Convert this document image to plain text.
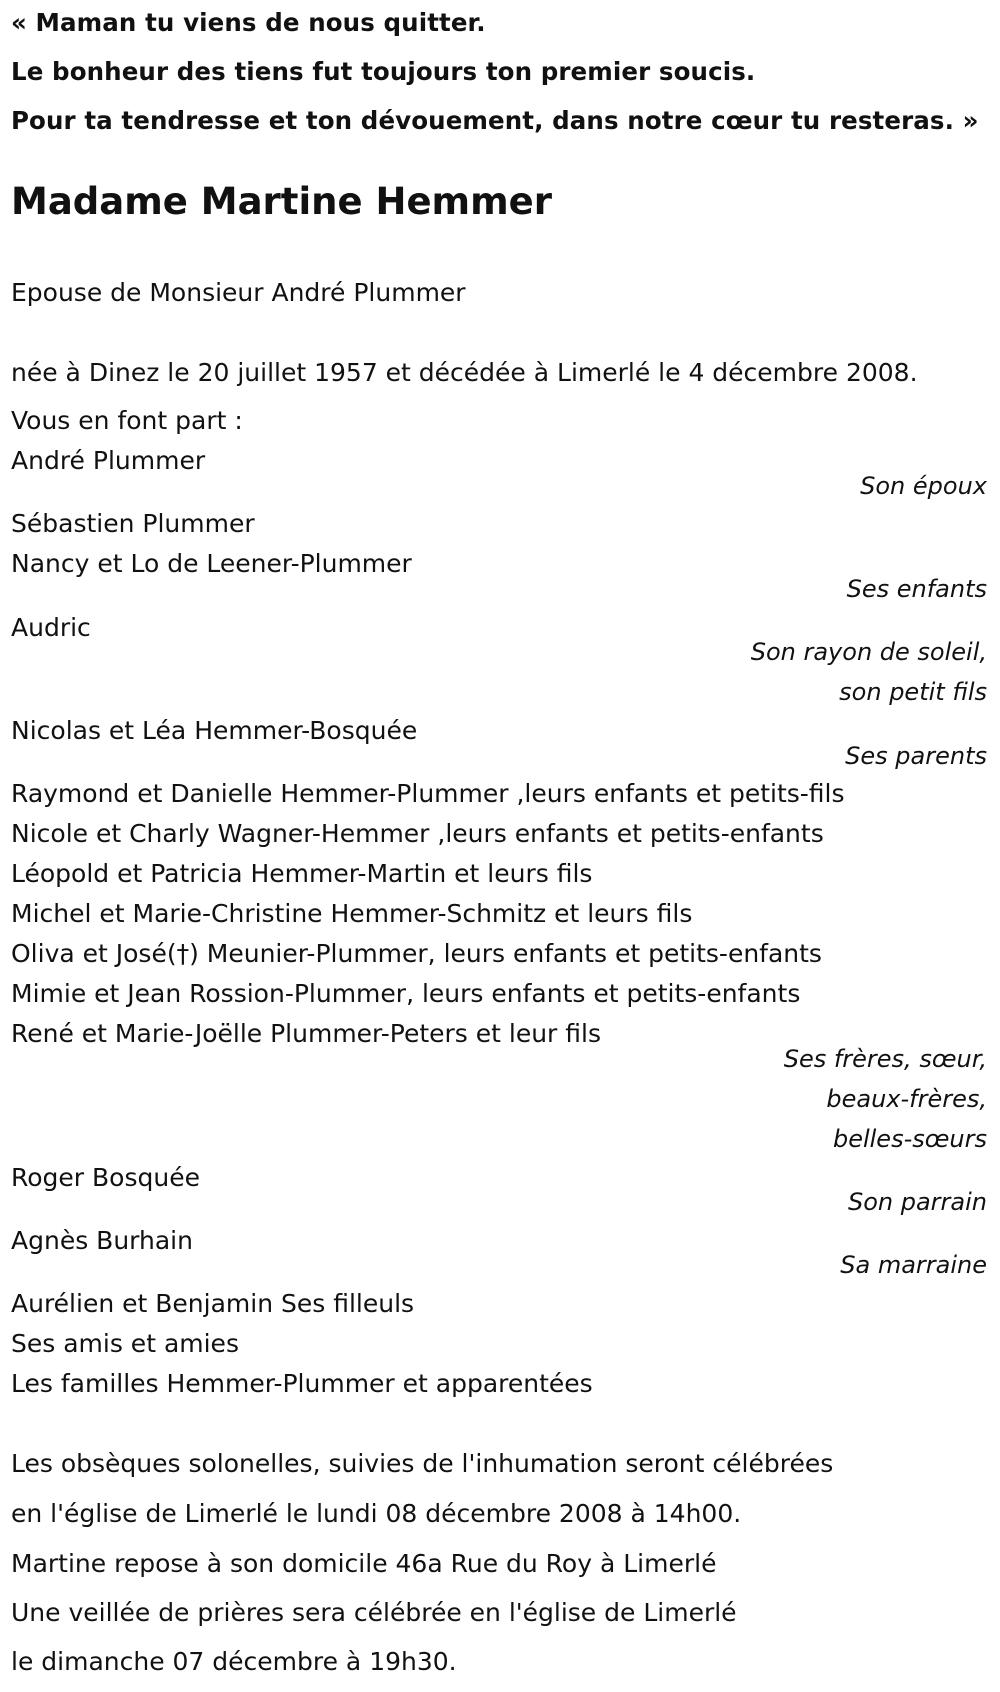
« Maman tu viens de nous quitter.
Le bonheur des tiens fut toujours ton premier soucis.
Pour ta tendresse et ton dévouement, dans notre cœur tu resteras. »
Madame Martine Hemmer
Epouse de Monsieur André Plummer
née à Dinez le 20 juillet 1957 et décédée à Limerlé le 4 décembre 2008.
Vous en font part :
André Plummer
Son époux
Sébastien Plummer
Nancy et Lo de Leener-Plummer
Ses enfants
Audric
Son rayon de soleil,
son petit fils
Nicolas et Léa Hemmer-Bosquée
Ses parents
Raymond et Danielle Hemmer-Plummer ,leurs enfants et petits-fils
Nicole et Charly Wagner-Hemmer ,leurs enfants et petits-enfants
Léopold et Patricia Hemmer-Martin et leurs fils
Michel et Marie-Christine Hemmer-Schmitz et leurs fils
Oliva et José(†) Meunier-Plummer, leurs enfants et petits-enfants
Mimie et Jean Rossion-Plummer, leurs enfants et petits-enfants
René et Marie-Joëlle Plummer-Peters et leur fils
Ses frères, sœur,
beaux-frères,
belles-sœurs
Roger Bosquée
Son parrain
Agnès Burhain
Sa marraine
Aurélien et Benjamin Ses filleuls
Ses amis et amies
Les familles Hemmer-Plummer et apparentées
Les obsèques solonelles, suivies de l'inhumation seront célébrées
en l'église de Limerlé le lundi 08 décembre 2008 à 14h00.
Martine repose à son domicile 46a Rue du Roy à Limerlé
Une veillée de prières sera célébrée en l'église de Limerlé
le dimanche 07 décembre à 19h30.
